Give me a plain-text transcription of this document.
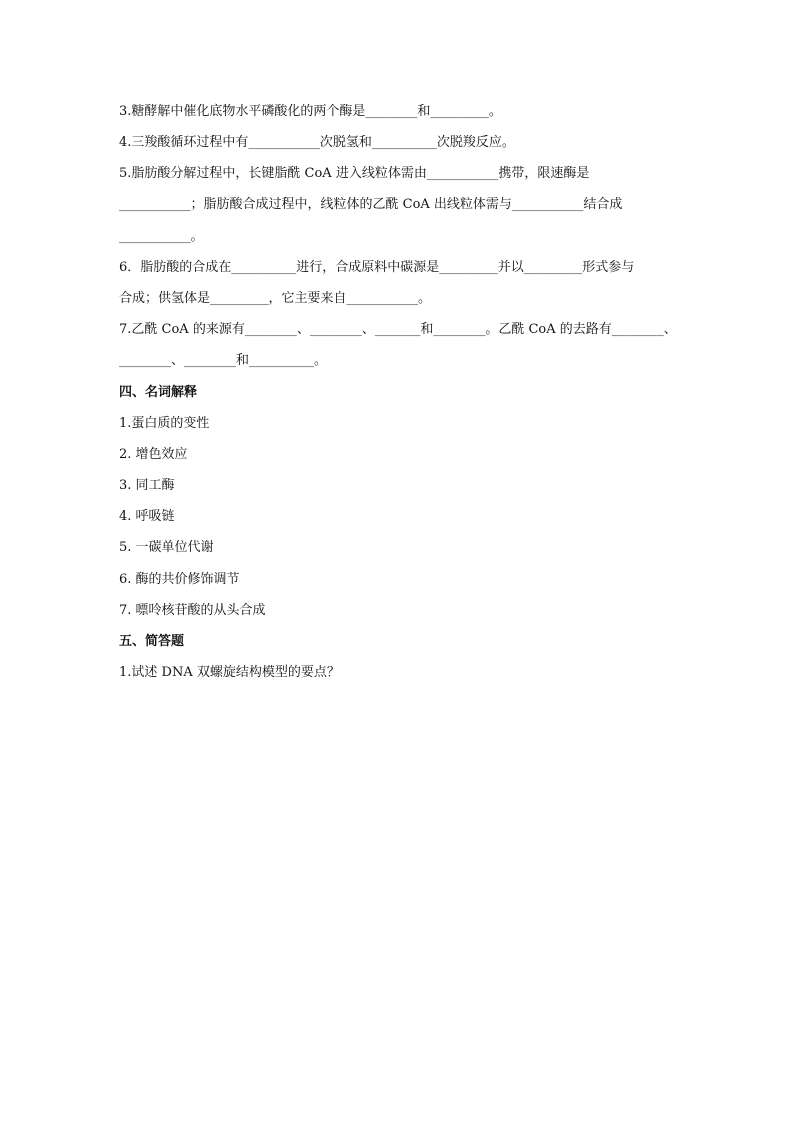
3.糖酵解中催化底物水平磷酸化的两个酶是________和_________。
4.三羧酸循环过程中有___________次脱氢和__________次脱羧反应。
5.脂肪酸分解过程中，长键脂酰 CoA 进入线粒体需由___________携带，限速酶是
___________；脂肪酸合成过程中，线粒体的乙酰 CoA 出线粒体需与___________结合成
___________。
6．脂肪酸的合成在__________进行，合成原料中碳源是_________并以_________形式参与
合成；供氢体是_________，它主要来自___________。
7.乙酰 CoA 的来源有________、________、_______和________。乙酰 CoA 的去路有________、
________、________和__________。
四、名词解释
1.蛋白质的变性
2. 增色效应
3. 同工酶
4. 呼吸链
5. 一碳单位代谢
6. 酶的共价修饰调节
7. 嘌呤核苷酸的从头合成
五、简答题
1.试述 DNA 双螺旋结构模型的要点？
